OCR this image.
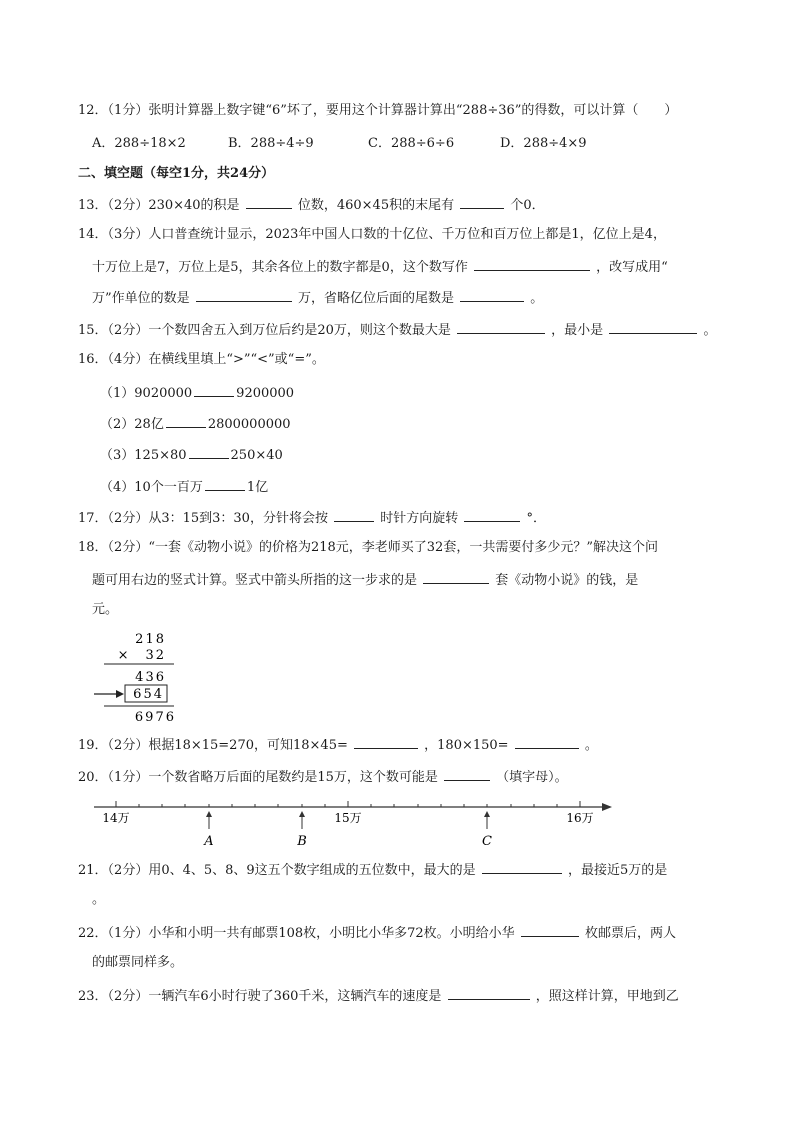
12．（1分）张明计算器上数字键“6”坏了，要用这个计算器计算出“288÷36”的得数，可以计算（　　）
A．288÷18×2	B．288÷4÷9	C．288÷6÷6	D．288÷4×9
二、填空题（每空1分，共24分）
13．（2分）230×40的积是	位数，460×45积的末尾有	个0．
14．（3分）人口普查统计显示，2023年中国人口数的十亿位、千万位和百万位上都是1，亿位上是4，
十万位上是7，万位上是5，其余各位上的数字都是0，这个数写作	，改写成用“
万”作单位的数是	万，省略亿位后面的尾数是	。
15．（2分）一个数四舍五入到万位后约是20万，则这个数最大是	，最小是	。
16．（4分）在横线里填上“>”“<”或“=”。
（1）9020000	9200000
（2）28亿	2800000000
（3）125×80	250×40
（4）10个一百万	1亿
17．（2分）从3：15到3：30，分针将会按	时针方向旋转	°．
18．（2分）“一套《动物小说》的价格为218元，李老师买了32套，一共需要付多少元？”解决这个问
题可用右边的竖式计算。竖式中箭头所指的这一步求的是	套《动物小说》的钱，是
元。
218
×　32
436
654
6976
19．（2分）根据18×15=270，可知18×45=	，180×150=	。
20．（1分）一个数省略万后面的尾数约是15万，这个数可能是	（填字母）。
14万	15万	16万
A	B	C
21．（2分）用0、4、5、8、9这五个数字组成的五位数中，最大的是	，最接近5万的是
。
22．（1分）小华和小明一共有邮票108枚，小明比小华多72枚。小明给小华	枚邮票后，两人
的邮票同样多。
23．（2分）一辆汽车6小时行驶了360千米，这辆汽车的速度是	，照这样计算，甲地到乙
